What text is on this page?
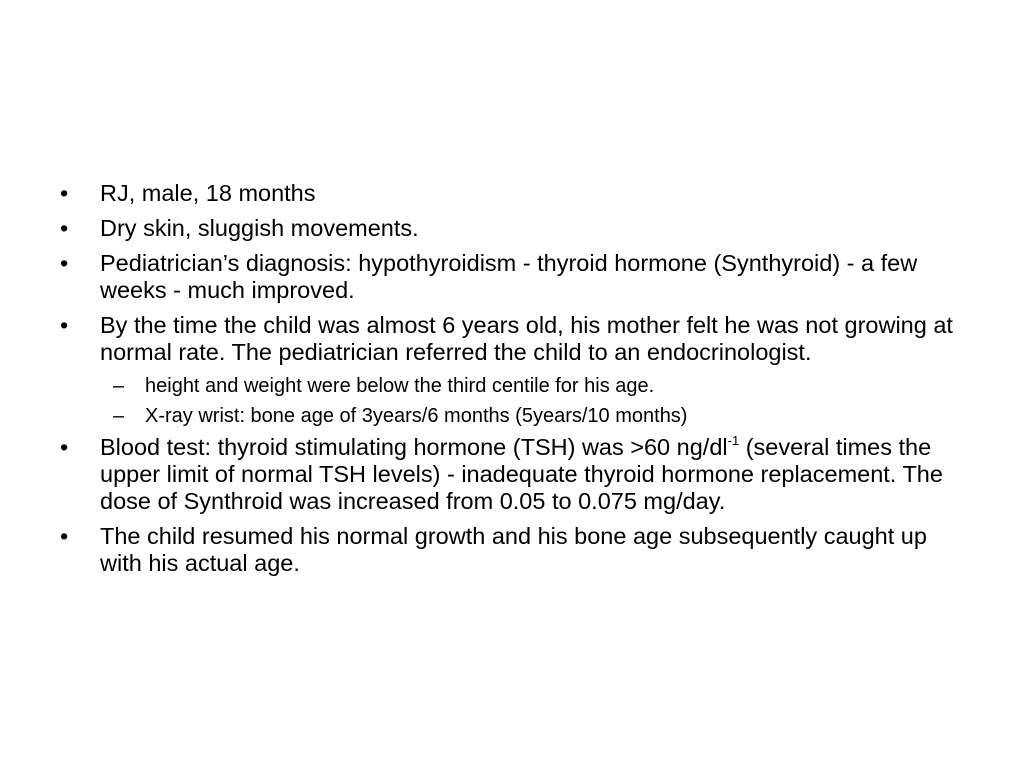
• RJ, male, 18 months
• Dry skin, sluggish movements.
• Pediatrician’s diagnosis: hypothyroidism - thyroid hormone (Synthyroid) - a few weeks - much improved.
• By the time the child was almost 6 years old, his mother felt he was not growing at normal rate. The pediatrician referred the child to an endocrinologist.
– height and weight were below the third centile for his age.
– X-ray wrist: bone age of 3years/6 months (5years/10 months)
• Blood test: thyroid stimulating hormone (TSH) was >60 $ng/dl^{-1}$ (several times the upper limit of normal TSH levels) - inadequate thyroid hormone replacement. The dose of Synthroid was increased from 0.05 to 0.075 mg/day.
• The child resumed his normal growth and his bone age subsequently caught up with his actual age.
